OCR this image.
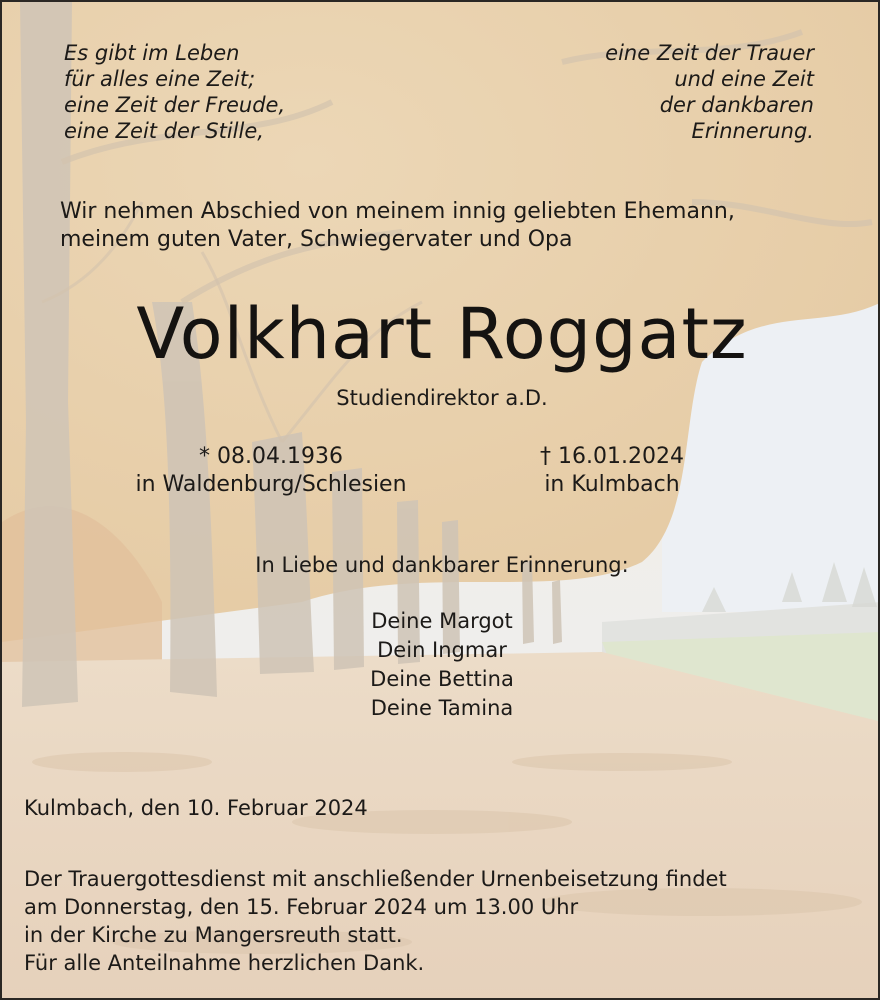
Es gibt im Leben
für alles eine Zeit;
eine Zeit der Freude,
eine Zeit der Stille,
eine Zeit der Trauer
und eine Zeit
der dankbaren
Erinnerung.
Wir nehmen Abschied von meinem innig geliebten Ehemann,
meinem guten Vater, Schwiegervater und Opa
Volkhart Roggatz
Studiendirektor a.D.
* 08.04.1936
in Waldenburg/Schlesien
† 16.01.2024
in Kulmbach
In Liebe und dankbarer Erinnerung:
Deine Margot
Dein Ingmar
Deine Bettina
Deine Tamina
Kulmbach, den 10. Februar 2024
Der Trauergottesdienst mit anschließender Urnenbeisetzung findet
am Donnerstag, den 15. Februar 2024 um 13.00 Uhr
in der Kirche zu Mangersreuth statt.
Für alle Anteilnahme herzlichen Dank.
